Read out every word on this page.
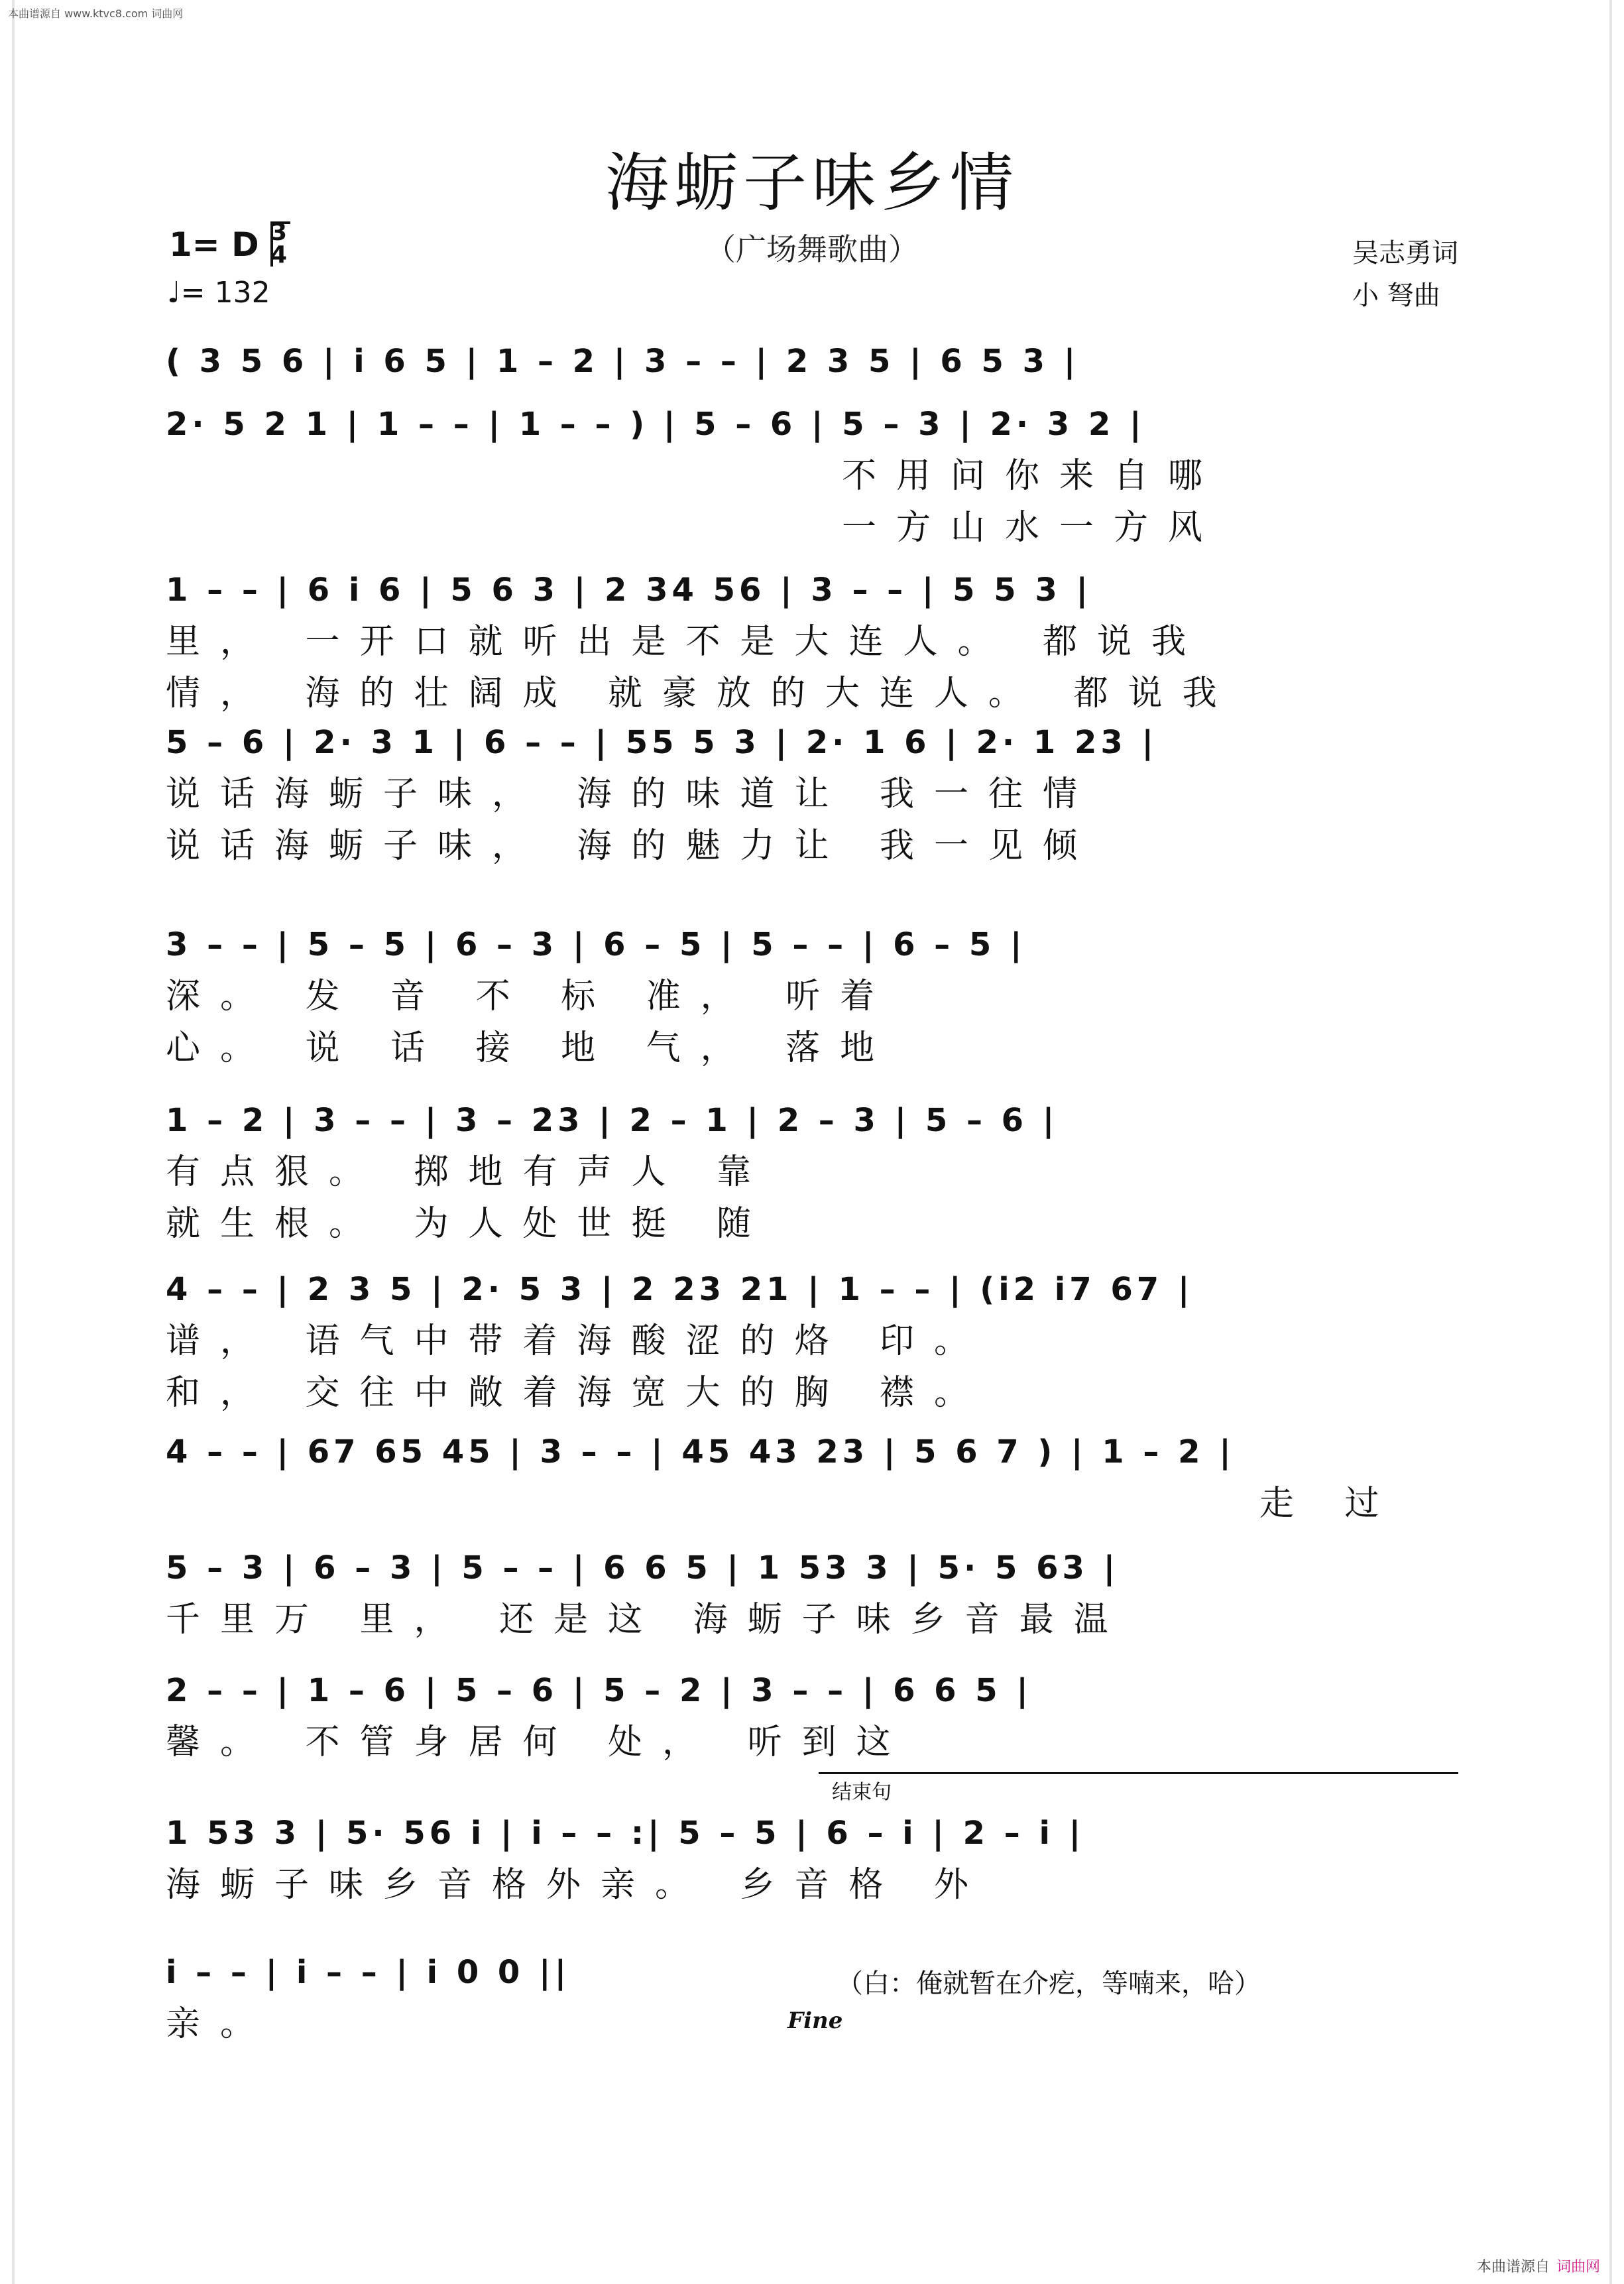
本曲谱源自 www.ktvc8.com 词曲网
海蛎子味乡情
（广场舞歌曲）
1= D 3
4
♩= 132
吴志勇词
小 弩曲
( 3 5 6 | i 6 5 | 1 – 2 | 3 – – | 2 3 5 | 6 5 3 |
2· 5 2 1 | 1 – – | 1 – – ) | 5 – 6 | 5 – 3 | 2· 3 2 |
不用问你来自哪
一方山水一方风
1 – – | 6 i 6 | 5 6 3 | 2 34 56 | 3 – – | 5 5 3 |
里， 一开口就听出是不是大连人。 都说我
情， 海的壮阔成 就豪放的大连人。 都说我
5 – 6 | 2· 3 1 | 6 – – | 55 5 3 | 2· 1 6 | 2· 1 23 |
说话海蛎子味， 海的味道让 我一往情
说话海蛎子味， 海的魅力让 我一见倾
3 – – | 5 – 5 | 6 – 3 | 6 – 5 | 5 – – | 6 – 5 |
深。 发 音 不 标 准， 听着
心。 说 话 接 地 气， 落地
1 – 2 | 3 – – | 3 – 23 | 2 – 1 | 2 – 3 | 5 – 6 |
有点狠。 掷地有声人 靠
就生根。 为人处世挺 随
4 – – | 2 3 5 | 2· 5 3 | 2 23 21 | 1 – – | (i2 i7 67 |
谱， 语气中带着海酸涩的烙 印。
和， 交往中敞着海宽大的胸 襟。
4 – – | 67 65 45 | 3 – – | 45 43 23 | 5 6 7 ) | 1 – 2 |
走 过
5 – 3 | 6 – 3 | 5 – – | 6 6 5 | 1 53 3 | 5· 5 63 |
千里万 里， 还是这 海蛎子味乡音最温
2 – – | 1 – 6 | 5 – 6 | 5 – 2 | 3 – – | 6 6 5 |
馨。 不管身居何 处， 听到这
1 53 3 | 5· 56 i | i – – :| 5 – 5 | 6 – i | 2 – i |
海蛎子味乡音格外亲。 乡音格 外
i – – | i – – | i 0 0 ||
亲。
结束句
Fine
（白：俺就暂在介疙，等喃来，哈）
本曲谱源自 词曲网
